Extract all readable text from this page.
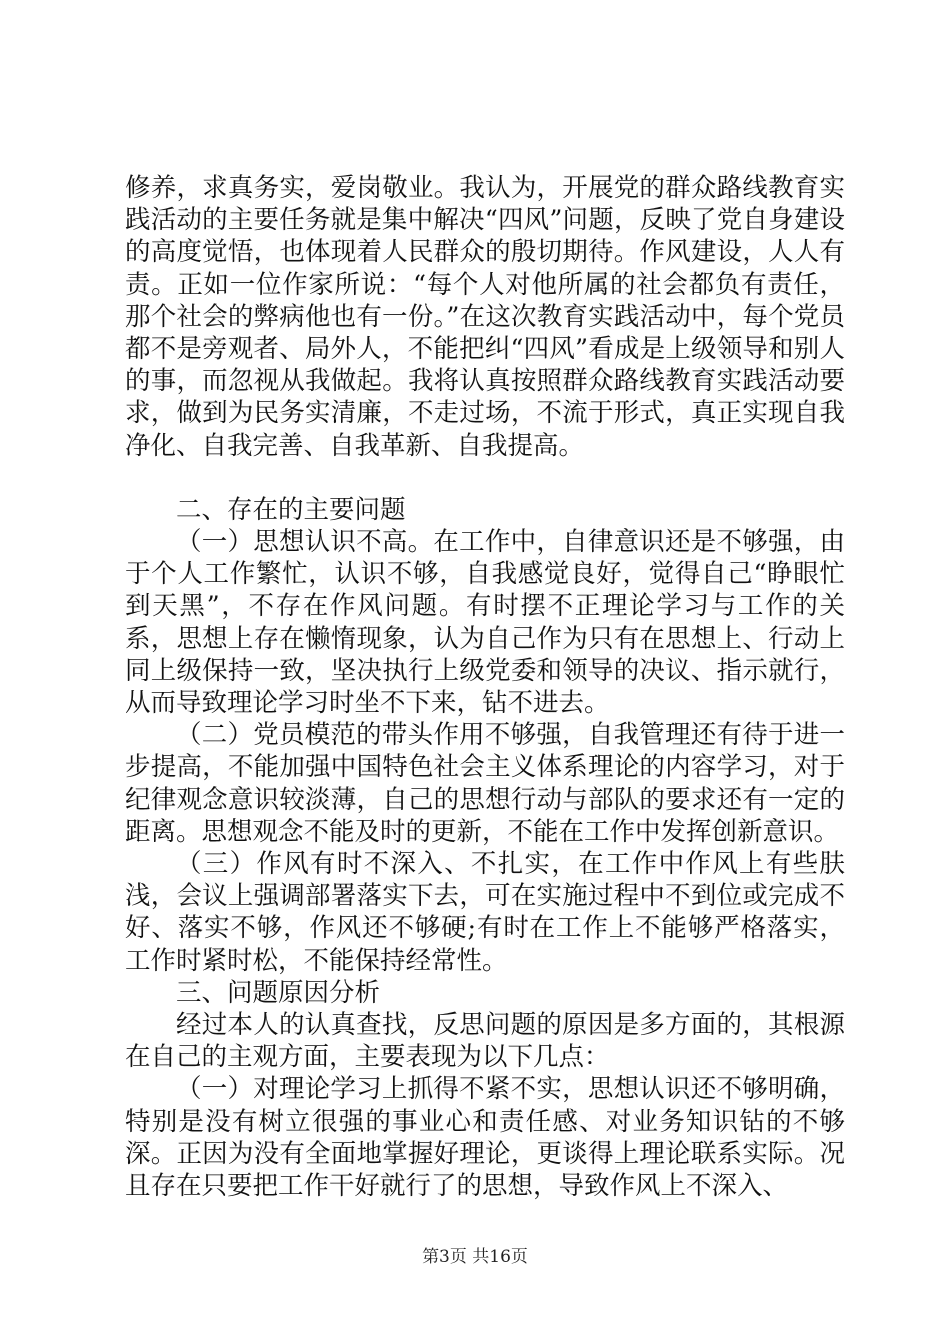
修养，求真务实，爱岗敬业。我认为，开展党的群众路线教育实践活动的主要任务就是集中解决“四风”问题，反映了党自身建设的高度觉悟，也体现着人民群众的殷切期待。作风建设，人人有责。正如一位作家所说：“每个人对他所属的社会都负有责任，那个社会的弊病他也有一份。”在这次教育实践活动中，每个党员都不是旁观者、局外人，不能把纠“四风”看成是上级领导和别人的事，而忽视从我做起。我将认真按照群众路线教育实践活动要求，做到为民务实清廉，不走过场，不流于形式，真正实现自我净化、自我完善、自我革新、自我提高。

二、存在的主要问题

（一）思想认识不高。在工作中，自律意识还是不够强，由于个人工作繁忙，认识不够，自我感觉良好，觉得自己“睁眼忙到天黑”，不存在作风问题。有时摆不正理论学习与工作的关系，思想上存在懒惰现象，认为自己作为只有在思想上、行动上同上级保持一致，坚决执行上级党委和领导的决议、指示就行，从而导致理论学习时坐不下来，钻不进去。

（二）党员模范的带头作用不够强，自我管理还有待于进一步提高，不能加强中国特色社会主义体系理论的内容学习，对于纪律观念意识较淡薄，自己的思想行动与部队的要求还有一定的距离。思想观念不能及时的更新，不能在工作中发挥创新意识。

（三）作风有时不深入、不扎实，在工作中作风上有些肤浅，会议上强调部署落实下去，可在实施过程中不到位或完成不好、落实不够，作风还不够硬;有时在工作上不能够严格落实，工作时紧时松，不能保持经常性。

三、问题原因分析

经过本人的认真查找，反思问题的原因是多方面的，其根源在自己的主观方面，主要表现为以下几点：

（一）对理论学习上抓得不紧不实，思想认识还不够明确，特别是没有树立很强的事业心和责任感、对业务知识钻的不够深。正因为没有全面地掌握好理论，更谈得上理论联系实际。况且存在只要把工作干好就行了的思想，导致作风上不深入、

第3页 共16页
